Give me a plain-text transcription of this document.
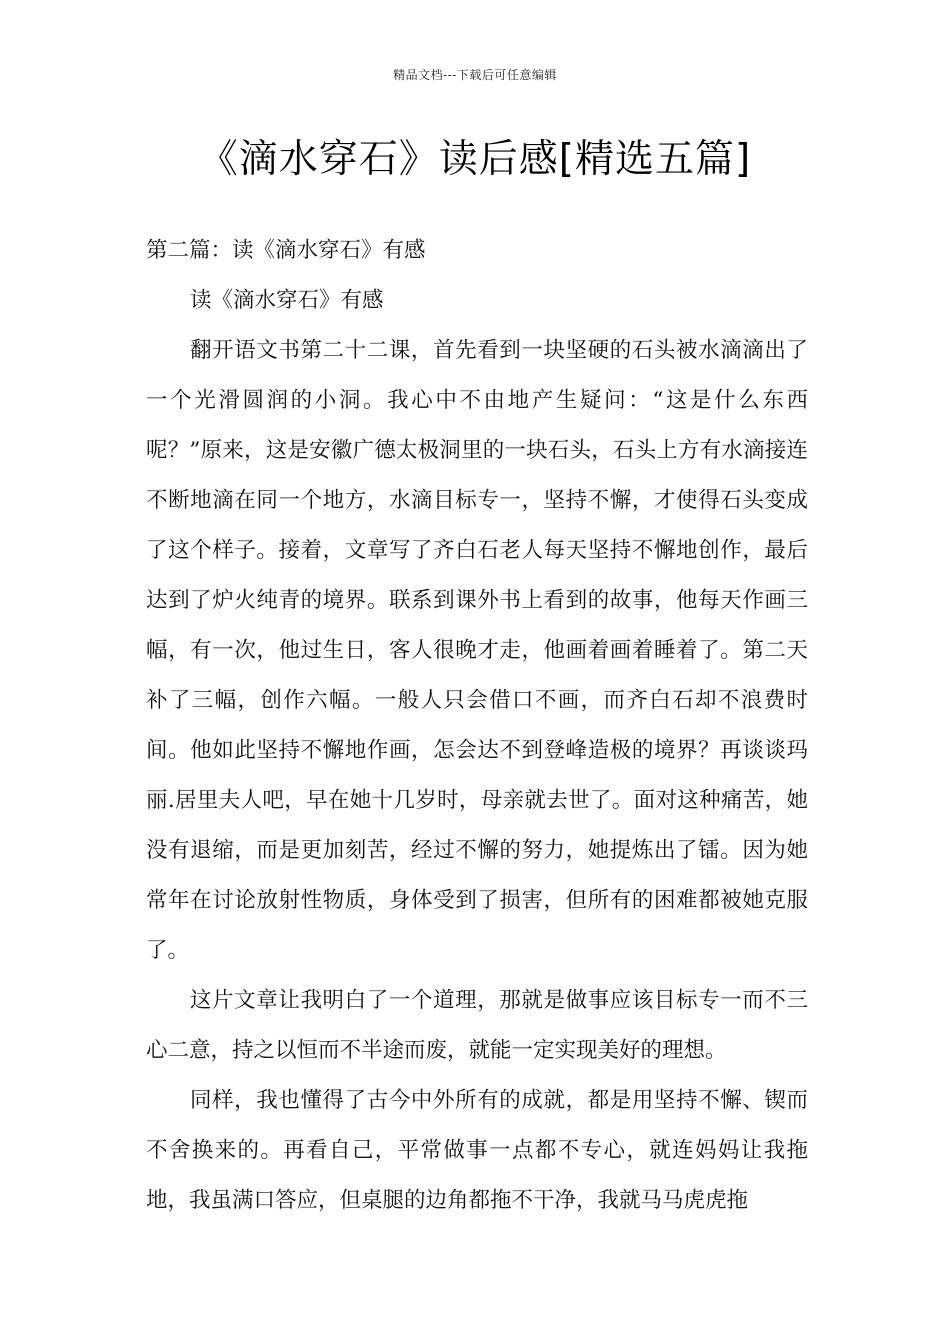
精品文档---下载后可任意编辑
《滴水穿石》读后感[精选五篇]

第二篇：读《滴水穿石》有感

读《滴水穿石》有感

翻开语文书第二十二课，首先看到一块坚硬的石头被水滴滴出了一个光滑圆润的小洞。我心中不由地产生疑问：“这是什么东西呢？”原来，这是安徽广德太极洞里的一块石头，石头上方有水滴接连不断地滴在同一个地方，水滴目标专一，坚持不懈，才使得石头变成了这个样子。接着，文章写了齐白石老人每天坚持不懈地创作，最后达到了炉火纯青的境界。联系到课外书上看到的故事，他每天作画三幅，有一次，他过生日，客人很晚才走，他画着画着睡着了。第二天补了三幅，创作六幅。一般人只会借口不画，而齐白石却不浪费时间。他如此坚持不懈地作画，怎会达不到登峰造极的境界？再谈谈玛丽.居里夫人吧，早在她十几岁时，母亲就去世了。面对这种痛苦，她没有退缩，而是更加刻苦，经过不懈的努力，她提炼出了镭。因为她常年在讨论放射性物质，身体受到了损害，但所有的困难都被她克服了。

这片文章让我明白了一个道理，那就是做事应该目标专一而不三心二意，持之以恒而不半途而废，就能一定实现美好的理想。

同样，我也懂得了古今中外所有的成就，都是用坚持不懈、锲而不舍换来的。再看自己，平常做事一点都不专心，就连妈妈让我拖地，我虽满口答应，但桌腿的边角都拖不干净，我就马马虎虎拖
